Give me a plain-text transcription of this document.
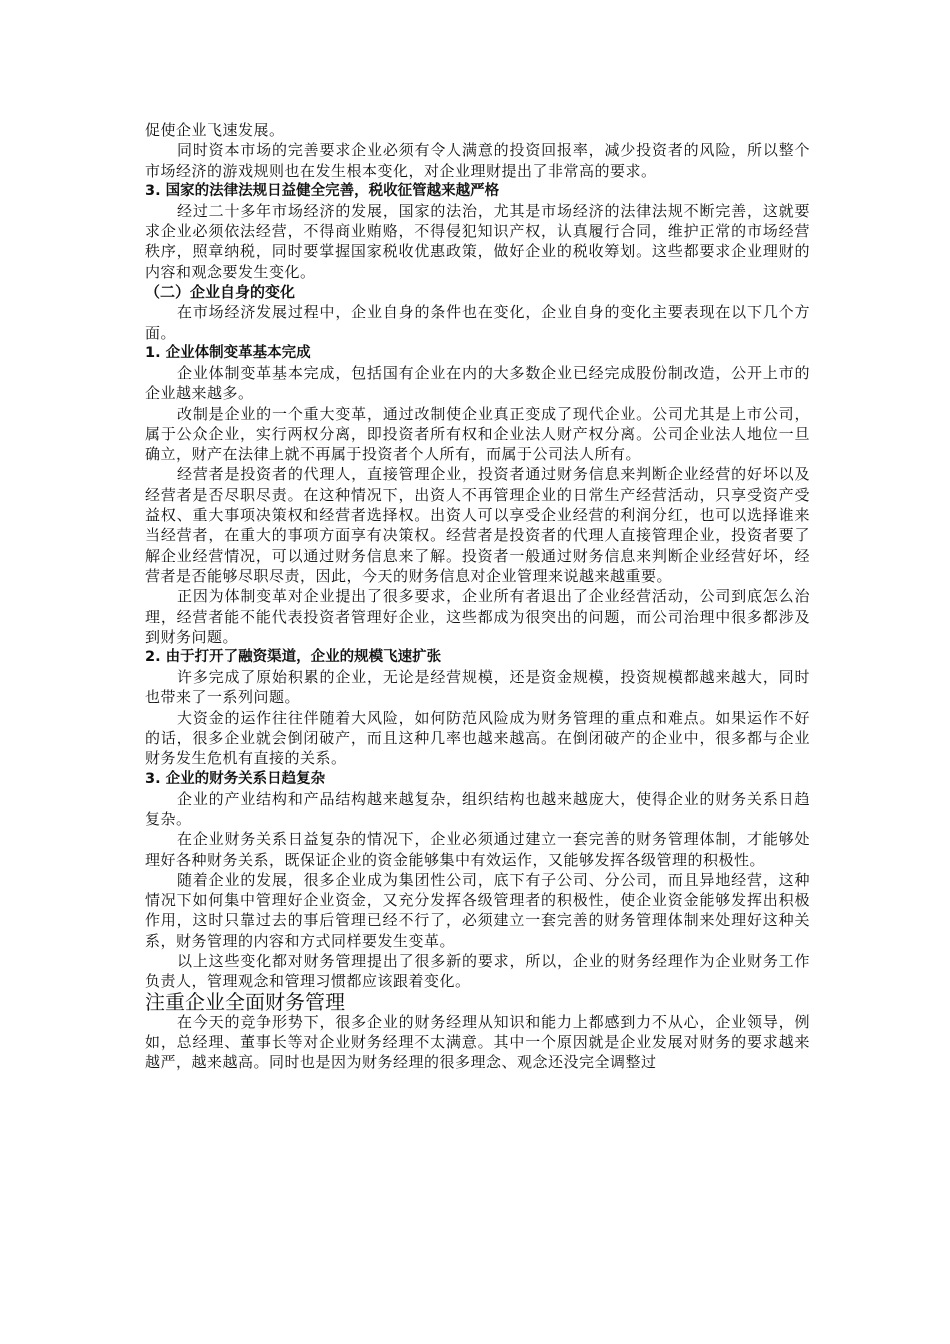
促使企业飞速发展。

同时资本市场的完善要求企业必须有令人满意的投资回报率，减少投资者的风险，所以整个市场经济的游戏规则也在发生根本变化，对企业理财提出了非常高的要求。

3. 国家的法律法规日益健全完善，税收征管越来越严格

经过二十多年市场经济的发展，国家的法治，尤其是市场经济的法律法规不断完善，这就要求企业必须依法经营，不得商业贿赂，不得侵犯知识产权，认真履行合同，维护正常的市场经营秩序，照章纳税，同时要掌握国家税收优惠政策，做好企业的税收筹划。这些都要求企业理财的内容和观念要发生变化。

（二）企业自身的变化

在市场经济发展过程中，企业自身的条件也在变化，企业自身的变化主要表现在以下几个方面。

1. 企业体制变革基本完成

企业体制变革基本完成，包括国有企业在内的大多数企业已经完成股份制改造，公开上市的企业越来越多。

改制是企业的一个重大变革，通过改制使企业真正变成了现代企业。公司尤其是上市公司，属于公众企业，实行两权分离，即投资者所有权和企业法人财产权分离。公司企业法人地位一旦确立，财产在法律上就不再属于投资者个人所有，而属于公司法人所有。

经营者是投资者的代理人，直接管理企业，投资者通过财务信息来判断企业经营的好坏以及经营者是否尽职尽责。在这种情况下，出资人不再管理企业的日常生产经营活动，只享受资产受益权、重大事项决策权和经营者选择权。出资人可以享受企业经营的利润分红，也可以选择谁来当经营者，在重大的事项方面享有决策权。经营者是投资者的代理人直接管理企业，投资者要了解企业经营情况，可以通过财务信息来了解。投资者一般通过财务信息来判断企业经营好坏，经营者是否能够尽职尽责，因此，今天的财务信息对企业管理来说越来越重要。

正因为体制变革对企业提出了很多要求，企业所有者退出了企业经营活动，公司到底怎么治理，经营者能不能代表投资者管理好企业，这些都成为很突出的问题，而公司治理中很多都涉及到财务问题。

2. 由于打开了融资渠道，企业的规模飞速扩张

许多完成了原始积累的企业，无论是经营规模，还是资金规模，投资规模都越来越大，同时也带来了一系列问题。

大资金的运作往往伴随着大风险，如何防范风险成为财务管理的重点和难点。如果运作不好的话，很多企业就会倒闭破产，而且这种几率也越来越高。在倒闭破产的企业中，很多都与企业财务发生危机有直接的关系。

3. 企业的财务关系日趋复杂

企业的产业结构和产品结构越来越复杂，组织结构也越来越庞大，使得企业的财务关系日趋复杂。

在企业财务关系日益复杂的情况下，企业必须通过建立一套完善的财务管理体制，才能够处理好各种财务关系，既保证企业的资金能够集中有效运作，又能够发挥各级管理的积极性。

随着企业的发展，很多企业成为集团性公司，底下有子公司、分公司，而且异地经营，这种情况下如何集中管理好企业资金，又充分发挥各级管理者的积极性，使企业资金能够发挥出积极作用，这时只靠过去的事后管理已经不行了，必须建立一套完善的财务管理体制来处理好这种关系，财务管理的内容和方式同样要发生变革。

以上这些变化都对财务管理提出了很多新的要求，所以，企业的财务经理作为企业财务工作负责人，管理观念和管理习惯都应该跟着变化。

注重企业全面财务管理

在今天的竞争形势下，很多企业的财务经理从知识和能力上都感到力不从心，企业领导，例如，总经理、董事长等对企业财务经理不太满意。其中一个原因就是企业发展对财务的要求越来越严，越来越高。同时也是因为财务经理的很多理念、观念还没完全调整过
